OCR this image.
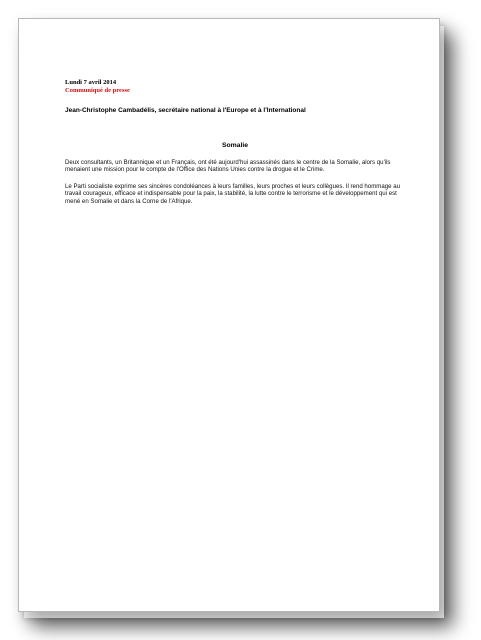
Lundi 7 avril 2014
Communiqué de presse
Jean-Christophe Cambadélis, secrétaire national à l'Europe et à l'International
Somalie
Deux consultants, un Britannique et un Français, ont été aujourd'hui assassinés dans le centre de la Somalie, alors qu'ils menaient une mission pour le compte de l'Office des Nations Unies contre la drogue et le Crime.
Le Parti socialiste exprime ses sincères condoléances à leurs familles, leurs proches et leurs collègues. Il rend hommage au travail courageux, efficace et indispensable pour la paix, la stabilité, la lutte contre le terrorisme et le développement qui est mené en Somalie et dans la Corne de l'Afrique.
